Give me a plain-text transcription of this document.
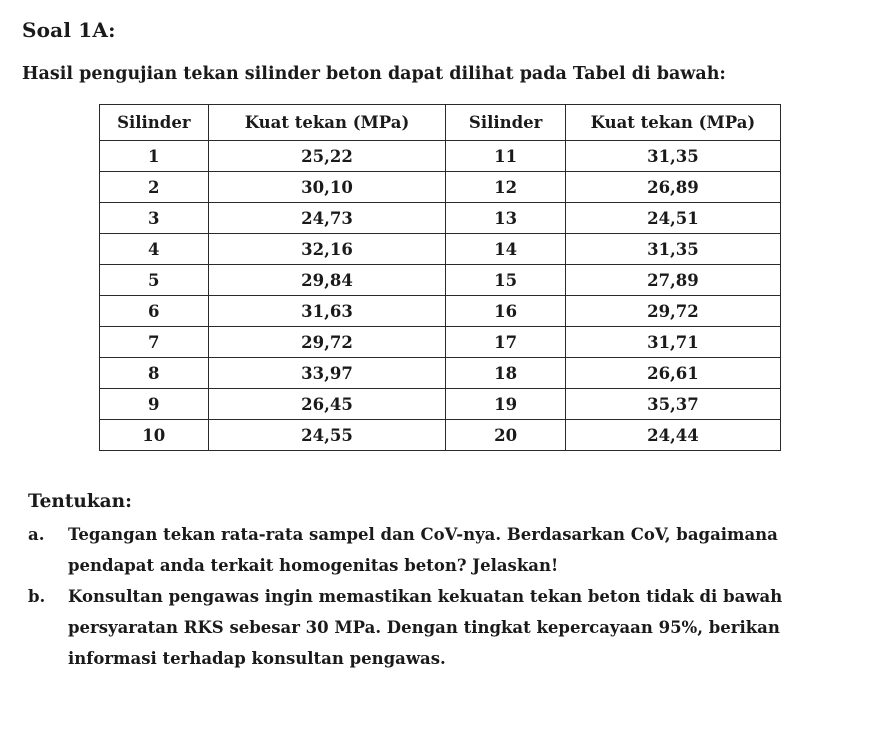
Soal 1A:
Hasil pengujian tekan silinder beton dapat dilihat pada Tabel di bawah:
Silinder	Kuat tekan (MPa)	Silinder	Kuat tekan (MPa)
1	25,22	11	31,35
2	30,10	12	26,89
3	24,73	13	24,51
4	32,16	14	31,35
5	29,84	15	27,89
6	31,63	16	29,72
7	29,72	17	31,71
8	33,97	18	26,61
9	26,45	19	35,37
10	24,55	20	24,44
Tentukan:
a. Tegangan tekan rata-rata sampel dan CoV-nya. Berdasarkan CoV, bagaimana pendapat anda terkait homogenitas beton? Jelaskan!
b. Konsultan pengawas ingin memastikan kekuatan tekan beton tidak di bawah persyaratan RKS sebesar 30 MPa. Dengan tingkat kepercayaan 95%, berikan informasi terhadap konsultan pengawas.
